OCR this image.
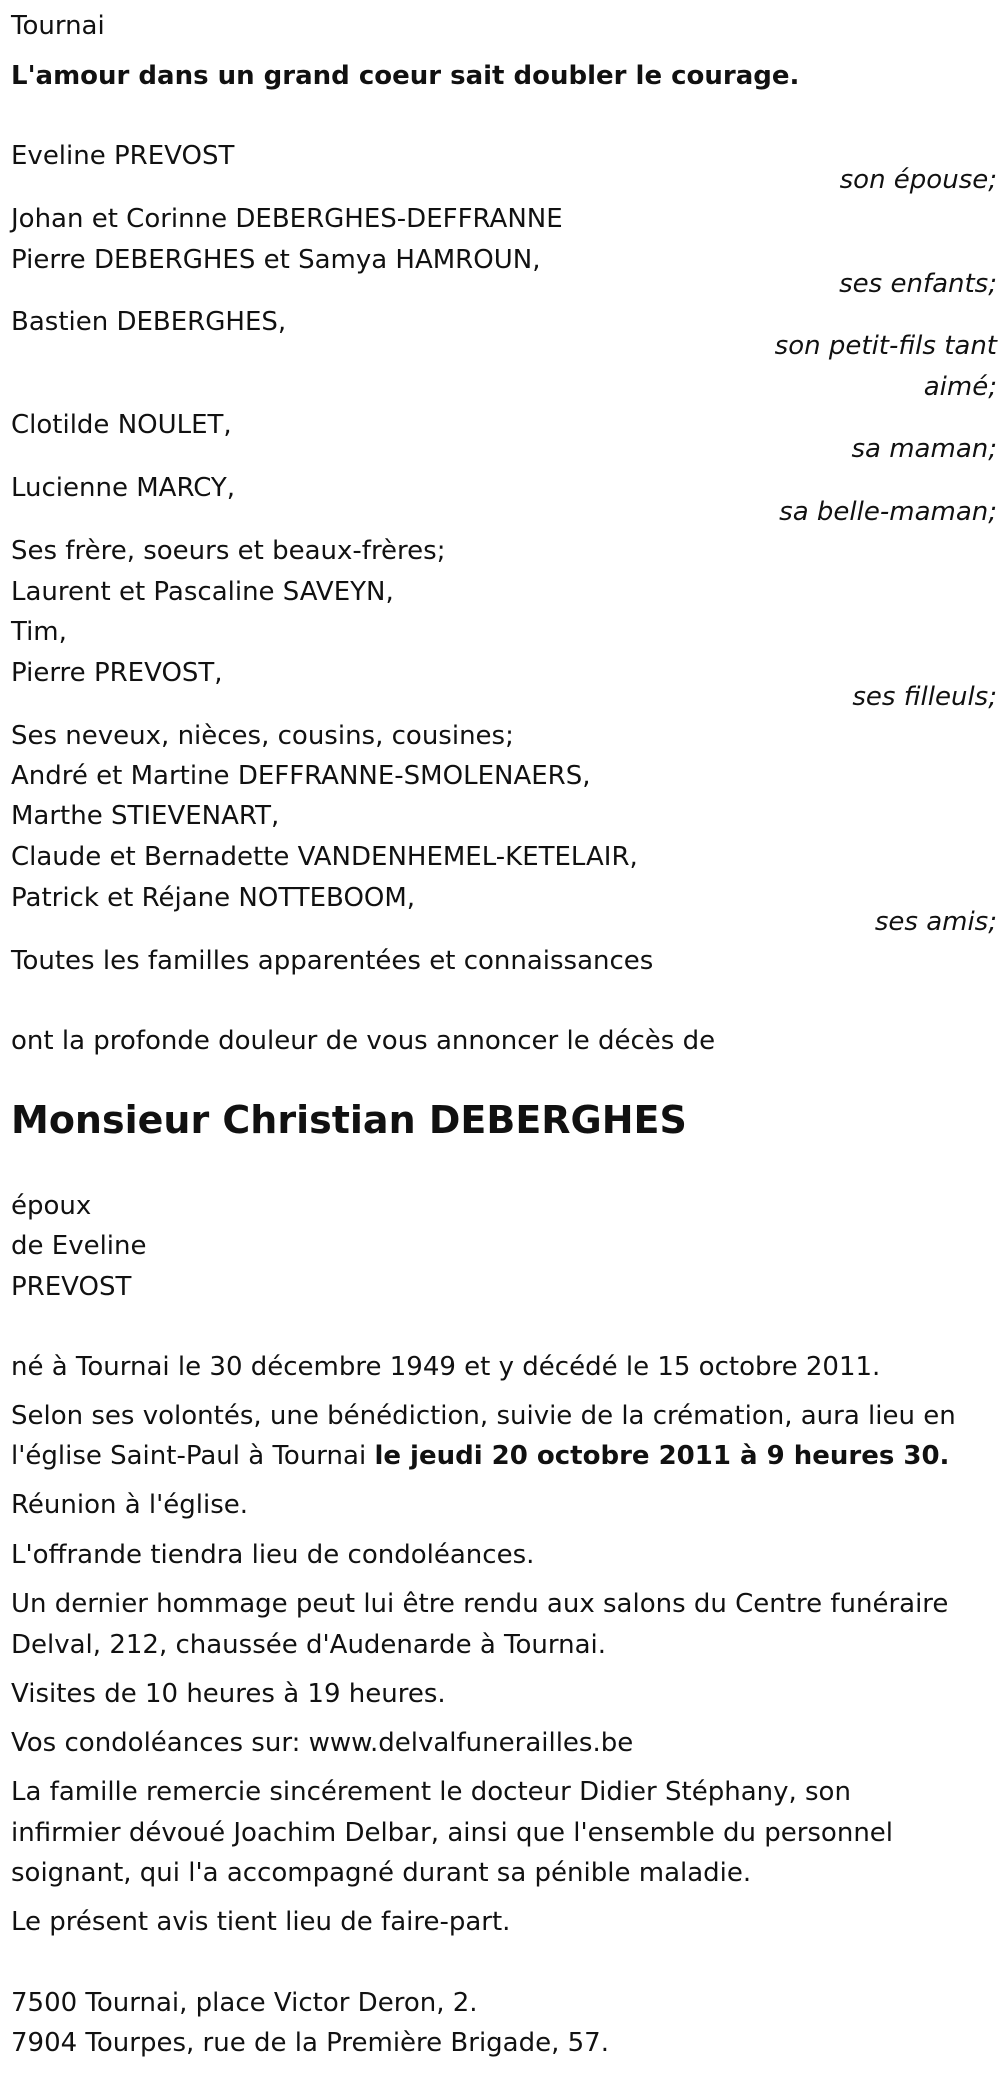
Tournai
L'amour dans un grand coeur sait doubler le courage.
Eveline PREVOST
son épouse;
Johan et Corinne DEBERGHES-DEFFRANNE
Pierre DEBERGHES et Samya HAMROUN,
ses enfants;
Bastien DEBERGHES,
son petit-fils tant
aimé;
Clotilde NOULET,
sa maman;
Lucienne MARCY,
sa belle-maman;
Ses frère, soeurs et beaux-frères;
Laurent et Pascaline SAVEYN,
Tim,
Pierre PREVOST,
ses filleuls;
Ses neveux, nièces, cousins, cousines;
André et Martine DEFFRANNE-SMOLENAERS,
Marthe STIEVENART,
Claude et Bernadette VANDENHEMEL-KETELAIR,
Patrick et Réjane NOTTEBOOM,
ses amis;
Toutes les familles apparentées et connaissances
ont la profonde douleur de vous annoncer le décès de
Monsieur Christian DEBERGHES
époux
de Eveline
PREVOST
né à Tournai le 30 décembre 1949 et y décédé le 15 octobre 2011.
Selon ses volontés, une bénédiction, suivie de la crémation, aura lieu en
l'église Saint-Paul à Tournai le jeudi 20 octobre 2011 à 9 heures 30.
Réunion à l'église.
L'offrande tiendra lieu de condoléances.
Un dernier hommage peut lui être rendu aux salons du Centre funéraire
Delval, 212, chaussée d'Audenarde à Tournai.
Visites de 10 heures à 19 heures.
Vos condoléances sur: www.delvalfunerailles.be
La famille remercie sincérement le docteur Didier Stéphany, son
infirmier dévoué Joachim Delbar, ainsi que l'ensemble du personnel
soignant, qui l'a accompagné durant sa pénible maladie.
Le présent avis tient lieu de faire-part.
7500 Tournai, place Victor Deron, 2.
7904 Tourpes, rue de la Première Brigade, 57.
